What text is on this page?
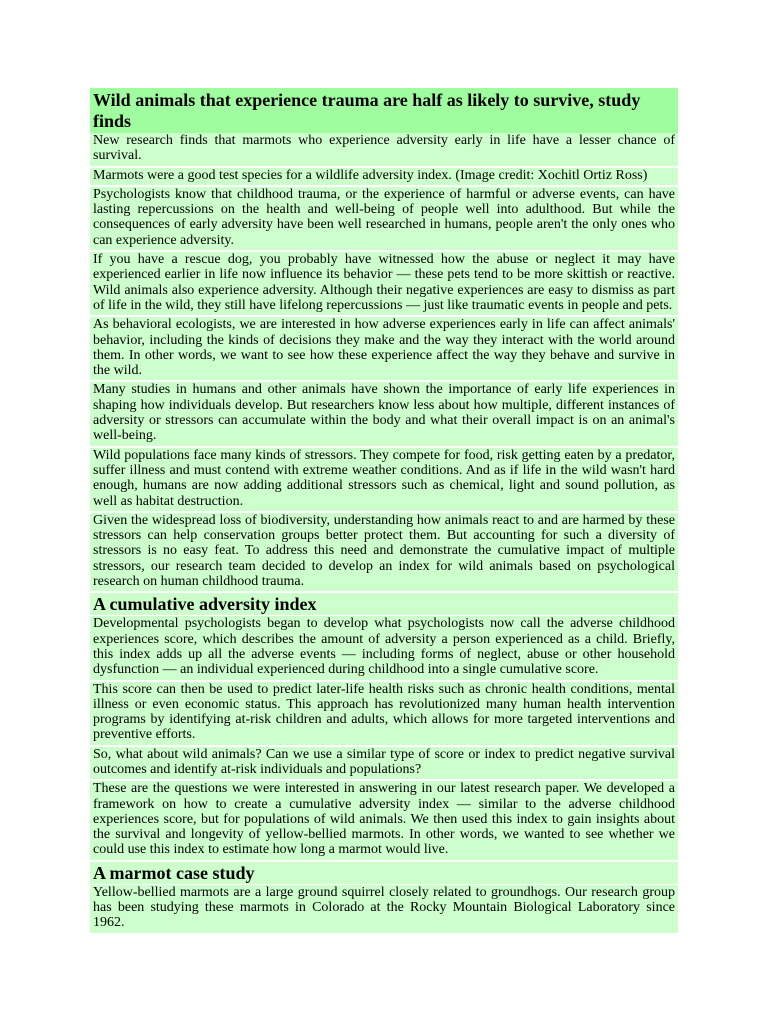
Wild animals that experience trauma are half as likely to survive, study finds

New research finds that marmots who experience adversity early in life have a lesser chance of survival.

Marmots were a good test species for a wildlife adversity index. (Image credit: Xochitl Ortiz Ross)

Psychologists know that childhood trauma, or the experience of harmful or adverse events, can have lasting repercussions on the health and well-being of people well into adulthood. But while the consequences of early adversity have been well researched in humans, people aren't the only ones who can experience adversity.

If you have a rescue dog, you probably have witnessed how the abuse or neglect it may have experienced earlier in life now influence its behavior — these pets tend to be more skittish or reactive. Wild animals also experience adversity. Although their negative experiences are easy to dismiss as part of life in the wild, they still have lifelong repercussions — just like traumatic events in people and pets.

As behavioral ecologists, we are interested in how adverse experiences early in life can affect animals' behavior, including the kinds of decisions they make and the way they interact with the world around them. In other words, we want to see how these experience affect the way they behave and survive in the wild.

Many studies in humans and other animals have shown the importance of early life experiences in shaping how individuals develop. But researchers know less about how multiple, different instances of adversity or stressors can accumulate within the body and what their overall impact is on an animal's well-being.

Wild populations face many kinds of stressors. They compete for food, risk getting eaten by a predator, suffer illness and must contend with extreme weather conditions. And as if life in the wild wasn't hard enough, humans are now adding additional stressors such as chemical, light and sound pollution, as well as habitat destruction.

Given the widespread loss of biodiversity, understanding how animals react to and are harmed by these stressors can help conservation groups better protect them. But accounting for such a diversity of stressors is no easy feat. To address this need and demonstrate the cumulative impact of multiple stressors, our research team decided to develop an index for wild animals based on psychological research on human childhood trauma.

A cumulative adversity index

Developmental psychologists began to develop what psychologists now call the adverse childhood experiences score, which describes the amount of adversity a person experienced as a child. Briefly, this index adds up all the adverse events — including forms of neglect, abuse or other household dysfunction — an individual experienced during childhood into a single cumulative score.

This score can then be used to predict later-life health risks such as chronic health conditions, mental illness or even economic status. This approach has revolutionized many human health intervention programs by identifying at-risk children and adults, which allows for more targeted interventions and preventive efforts.

So, what about wild animals? Can we use a similar type of score or index to predict negative survival outcomes and identify at-risk individuals and populations?

These are the questions we were interested in answering in our latest research paper. We developed a framework on how to create a cumulative adversity index — similar to the adverse childhood experiences score, but for populations of wild animals. We then used this index to gain insights about the survival and longevity of yellow-bellied marmots. In other words, we wanted to see whether we could use this index to estimate how long a marmot would live.

A marmot case study

Yellow-bellied marmots are a large ground squirrel closely related to groundhogs. Our research group has been studying these marmots in Colorado at the Rocky Mountain Biological Laboratory since 1962.
